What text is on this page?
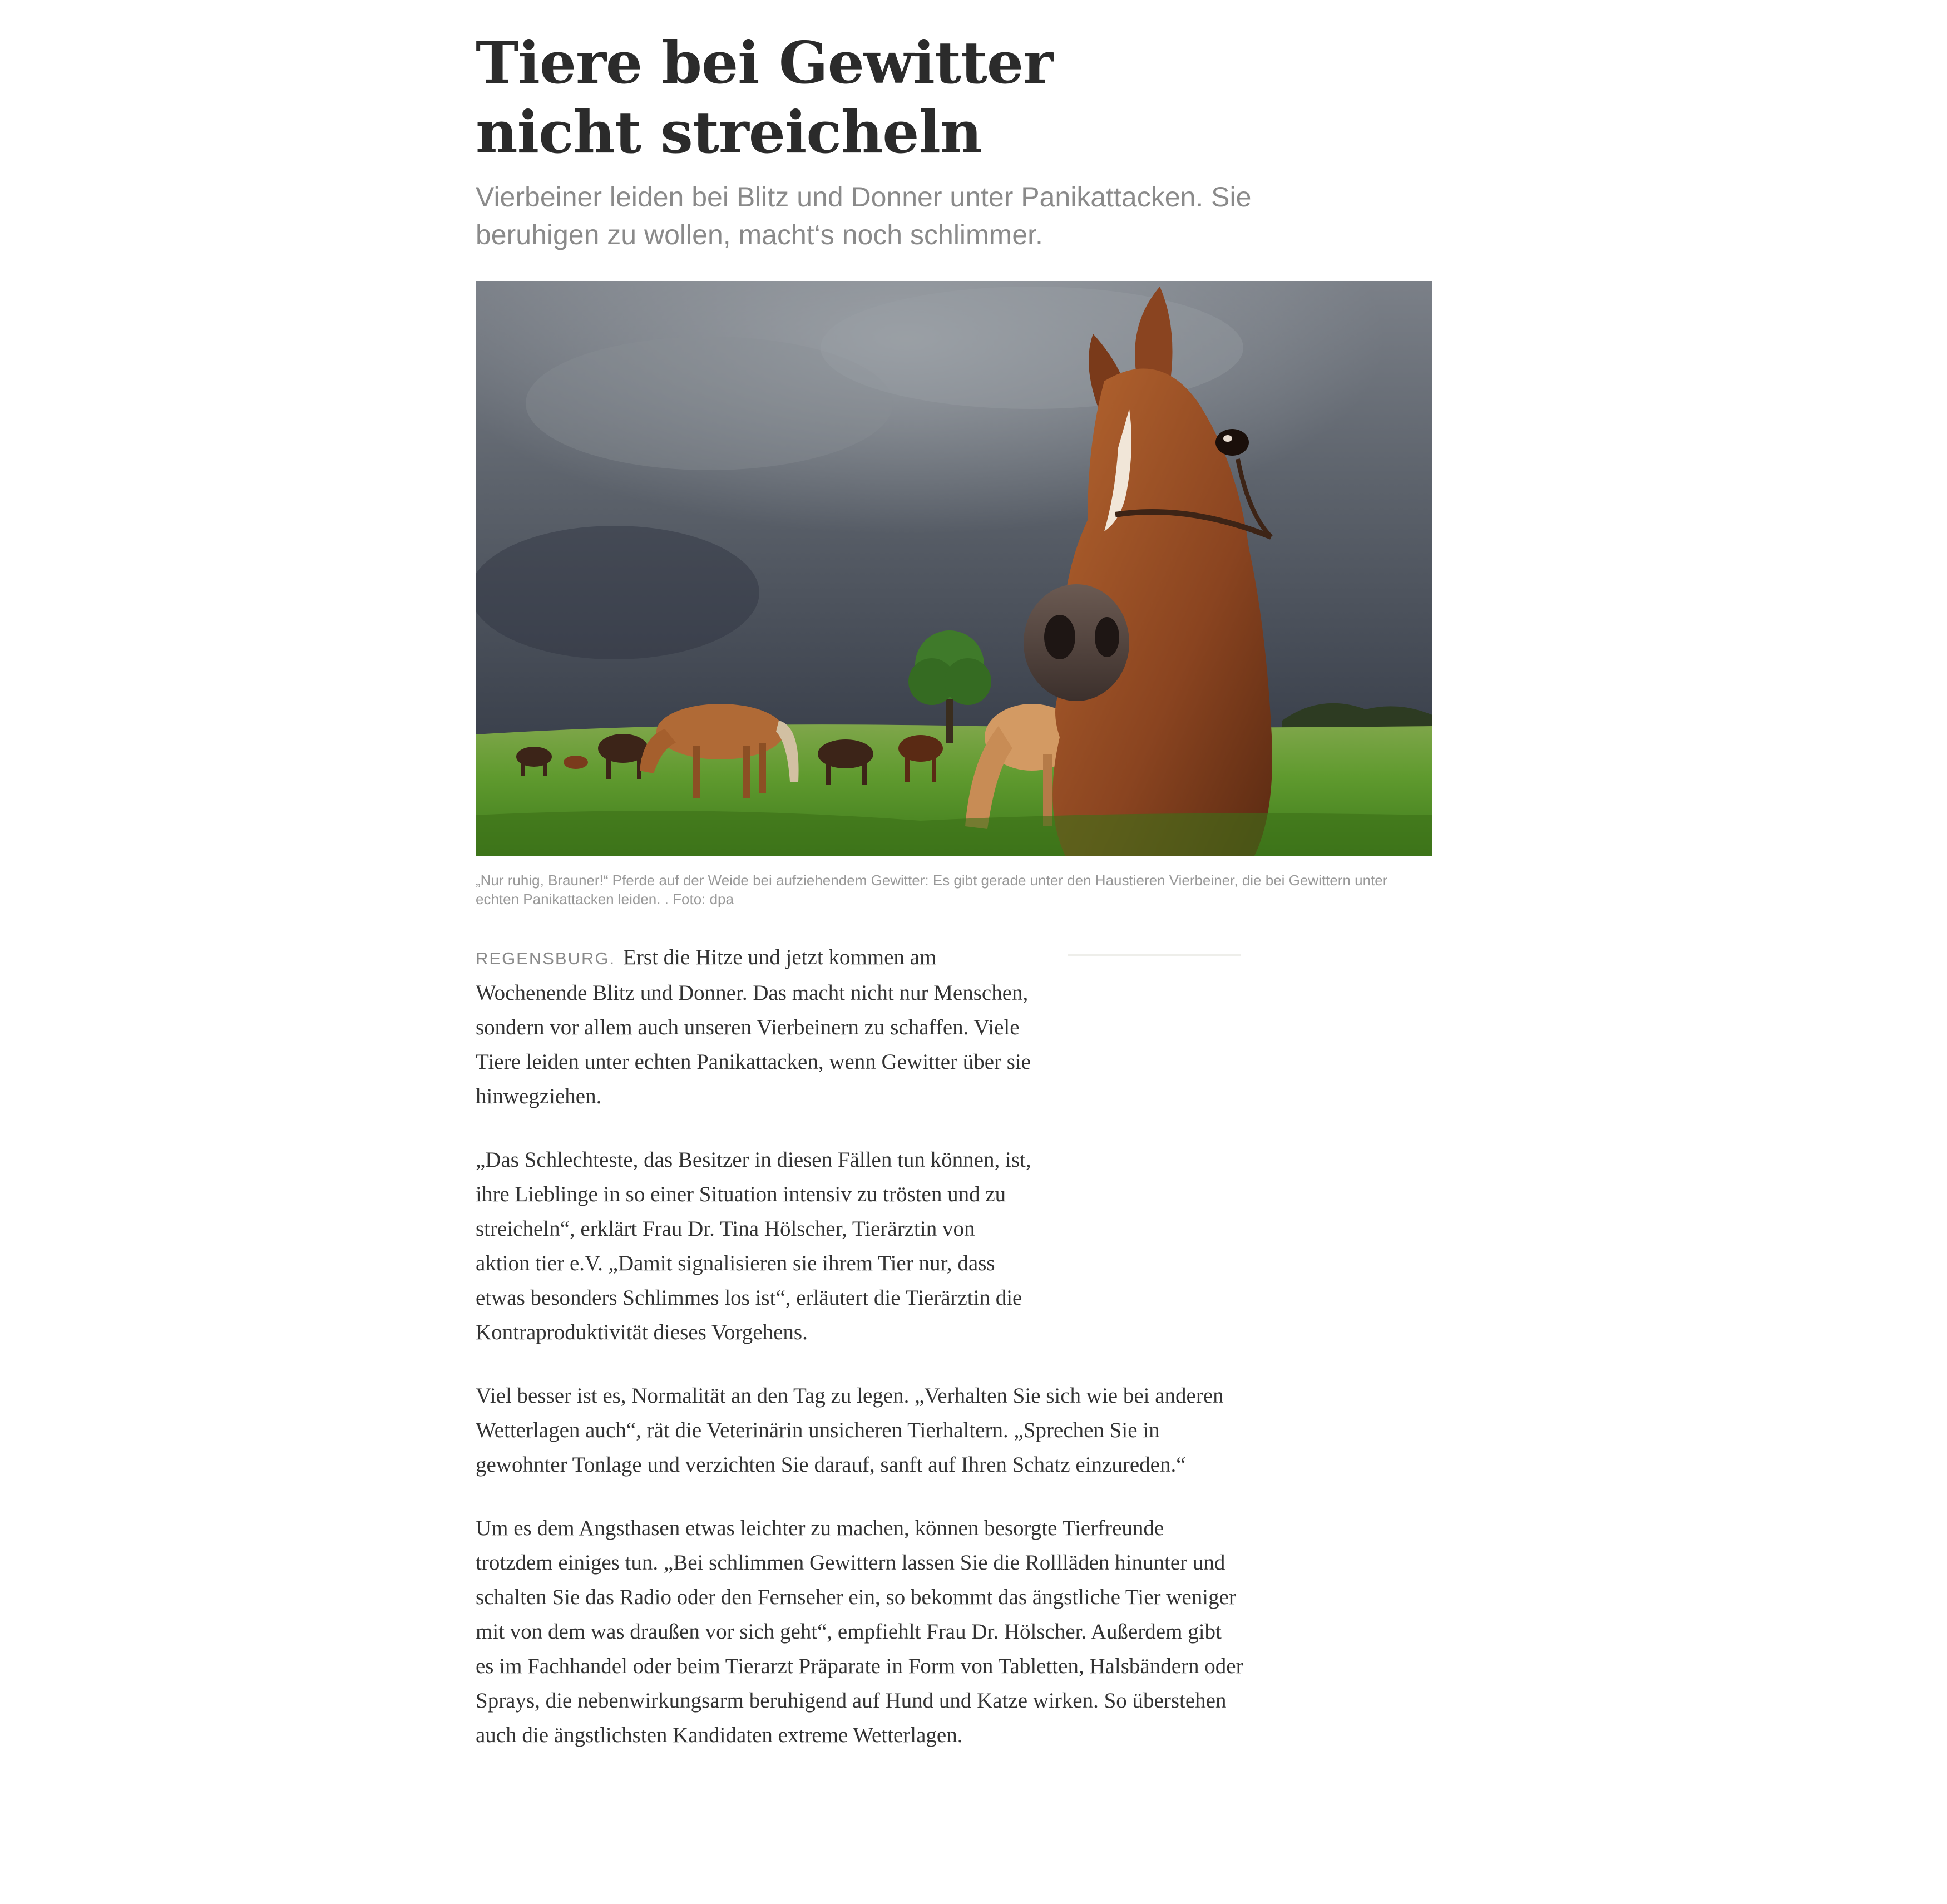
Tiere bei Gewitter nicht streicheln
Vierbeiner leiden bei Blitz und Donner unter Panikattacken. Sie beruhigen zu wollen, macht‘s noch schlimmer.
„Nur ruhig, Brauner!“ Pferde auf der Weide bei aufziehendem Gewitter: Es gibt gerade unter den Haustieren Vierbeiner, die bei Gewittern unter echten Panikattacken leiden. . Foto: dpa

REGENSBURG. Erst die Hitze und jetzt kommen am Wochenende Blitz und Donner. Das macht nicht nur Menschen, sondern vor allem auch unseren Vierbeinern zu schaffen. Viele Tiere leiden unter echten Panikattacken, wenn Gewitter über sie hinwegziehen.

„Das Schlechteste, das Besitzer in diesen Fällen tun können, ist, ihre Lieblinge in so einer Situation intensiv zu trösten und zu streicheln“, erklärt Frau Dr. Tina Hölscher, Tierärztin von aktion tier e.V. „Damit signalisieren sie ihrem Tier nur, dass etwas besonders Schlimmes los ist“, erläutert die Tierärztin die Kontraproduktivität dieses Vorgehens.

Viel besser ist es, Normalität an den Tag zu legen. „Verhalten Sie sich wie bei anderen Wetterlagen auch“, rät die Veterinärin unsicheren Tierhaltern. „Sprechen Sie in gewohnter Tonlage und verzichten Sie darauf, sanft auf Ihren Schatz einzureden.“

Um es dem Angsthasen etwas leichter zu machen, können besorgte Tierfreunde trotzdem einiges tun. „Bei schlimmen Gewittern lassen Sie die Rollläden hinunter und schalten Sie das Radio oder den Fernseher ein, so bekommt das ängstliche Tier weniger mit von dem was draußen vor sich geht“, empfiehlt Frau Dr. Hölscher. Außerdem gibt es im Fachhandel oder beim Tierarzt Präparate in Form von Tabletten, Halsbändern oder Sprays, die nebenwirkungsarm beruhigend auf Hund und Katze wirken. So überstehen auch die ängstlichsten Kandidaten extreme Wetterlagen.
